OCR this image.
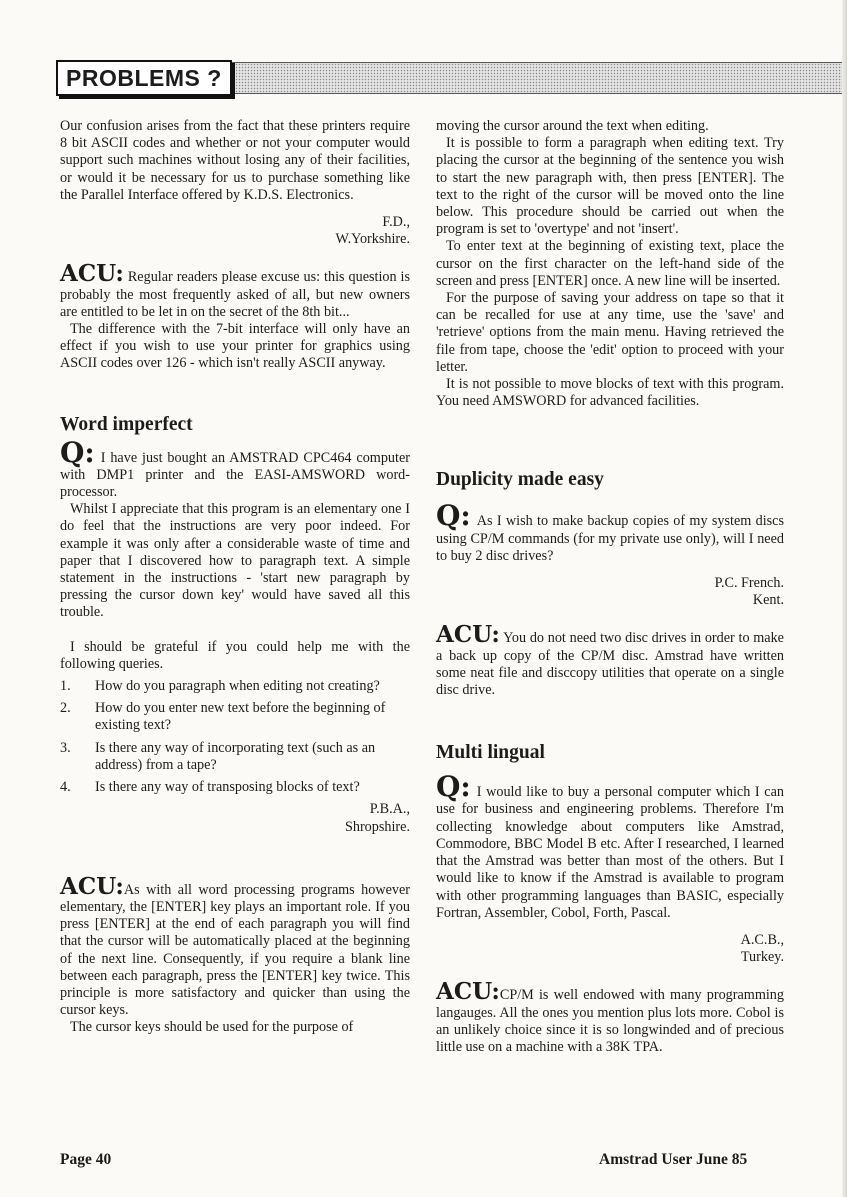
PROBLEMS ?

Our confusion arises from the fact that these printers require 8 bit ASCII codes and whether or not your computer would support such machines without losing any of their facilities, or would it be necessary for us to purchase something like the Parallel Interface offered by K.D.S. Electronics.

F.D.,
W.Yorkshire.

ACU: Regular readers please excuse us: this question is probably the most frequently asked of all, but new owners are entitled to be let in on the secret of the 8th bit...

The difference with the 7-bit interface will only have an effect if you wish to use your printer for graphics using ASCII codes over 126 - which isn't really ASCII anyway.

Word imperfect

Q: I have just bought an AMSTRAD CPC464 computer with DMP1 printer and the EASI-AMSWORD word-processor.

Whilst I appreciate that this program is an elementary one I do feel that the instructions are very poor indeed. For example it was only after a considerable waste of time and paper that I discovered how to paragraph text. A simple statement in the instructions - 'start new paragraph by pressing the cursor down key' would have saved all this trouble.

I should be grateful if you could help me with the following queries.

1. How do you paragraph when editing not creating?
2. How do you enter new text before the beginning of existing text?
3. Is there any way of incorporating text (such as an address) from a tape?
4. Is there any way of transposing blocks of text?
P.B.A.,
Shropshire.

ACU:As with all word processing programs however elementary, the [ENTER] key plays an important role. If you press [ENTER] at the end of each paragraph you will find that the cursor will be automatically placed at the beginning of the next line. Consequently, if you require a blank line between each paragraph, press the [ENTER] key twice. This principle is more satisfactory and quicker than using the cursor keys.

The cursor keys should be used for the purpose of

moving the cursor around the text when editing.

It is possible to form a paragraph when editing text. Try placing the cursor at the beginning of the sentence you wish to start the new paragraph with, then press [ENTER]. The text to the right of the cursor will be moved onto the line below. This procedure should be carried out when the program is set to 'overtype' and not 'insert'.

To enter text at the beginning of existing text, place the cursor on the first character on the left-hand side of the screen and press [ENTER] once. A new line will be inserted.

For the purpose of saving your address on tape so that it can be recalled for use at any time, use the 'save' and 'retrieve' options from the main menu. Having retrieved the file from tape, choose the 'edit' option to proceed with your letter.

It is not possible to move blocks of text with this program. You need AMSWORD for advanced facilities.

Duplicity made easy

Q: As I wish to make backup copies of my system discs using CP/M commands (for my private use only), will I need to buy 2 disc drives?

P.C. French.
Kent.

ACU: You do not need two disc drives in order to make a back up copy of the CP/M disc. Amstrad have written some neat file and disccopy utilities that operate on a single disc drive.

Multi lingual

Q: I would like to buy a personal computer which I can use for business and engineering problems. Therefore I'm collecting knowledge about computers like Amstrad, Commodore, BBC Model B etc. After I researched, I learned that the Amstrad was better than most of the others. But I would like to know if the Amstrad is available to program with other programming languages than BASIC, especially Fortran, Assembler, Cobol, Forth, Pascal.

A.C.B.,
Turkey.

ACU:CP/M is well endowed with many programming langauges. All the ones you mention plus lots more. Cobol is an unlikely choice since it is so longwinded and of precious little use on a machine with a 38K TPA.

Page 40	Amstrad User June 85
